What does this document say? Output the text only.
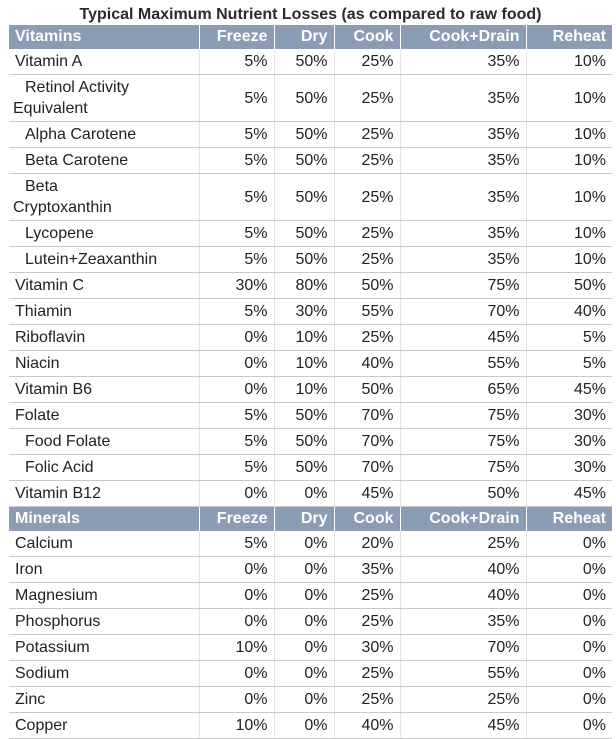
Typical Maximum Nutrient Losses (as compared to raw food)
Vitamins	Freeze	Dry	Cook	Cook+Drain	Reheat
Vitamin A	5%	50%	25%	35%	10%
Retinol Activity
Equivalent	5%	50%	25%	35%	10%
Alpha Carotene	5%	50%	25%	35%	10%
Beta Carotene	5%	50%	25%	35%	10%
Beta
Cryptoxanthin	5%	50%	25%	35%	10%
Lycopene	5%	50%	25%	35%	10%
Lutein+Zeaxanthin	5%	50%	25%	35%	10%
Vitamin C	30%	80%	50%	75%	50%
Thiamin	5%	30%	55%	70%	40%
Riboflavin	0%	10%	25%	45%	5%
Niacin	0%	10%	40%	55%	5%
Vitamin B6	0%	10%	50%	65%	45%
Folate	5%	50%	70%	75%	30%
Food Folate	5%	50%	70%	75%	30%
Folic Acid	5%	50%	70%	75%	30%
Vitamin B12	0%	0%	45%	50%	45%
Minerals	Freeze	Dry	Cook	Cook+Drain	Reheat
Calcium	5%	0%	20%	25%	0%
Iron	0%	0%	35%	40%	0%
Magnesium	0%	0%	25%	40%	0%
Phosphorus	0%	0%	25%	35%	0%
Potassium	10%	0%	30%	70%	0%
Sodium	0%	0%	25%	55%	0%
Zinc	0%	0%	25%	25%	0%
Copper	10%	0%	40%	45%	0%
